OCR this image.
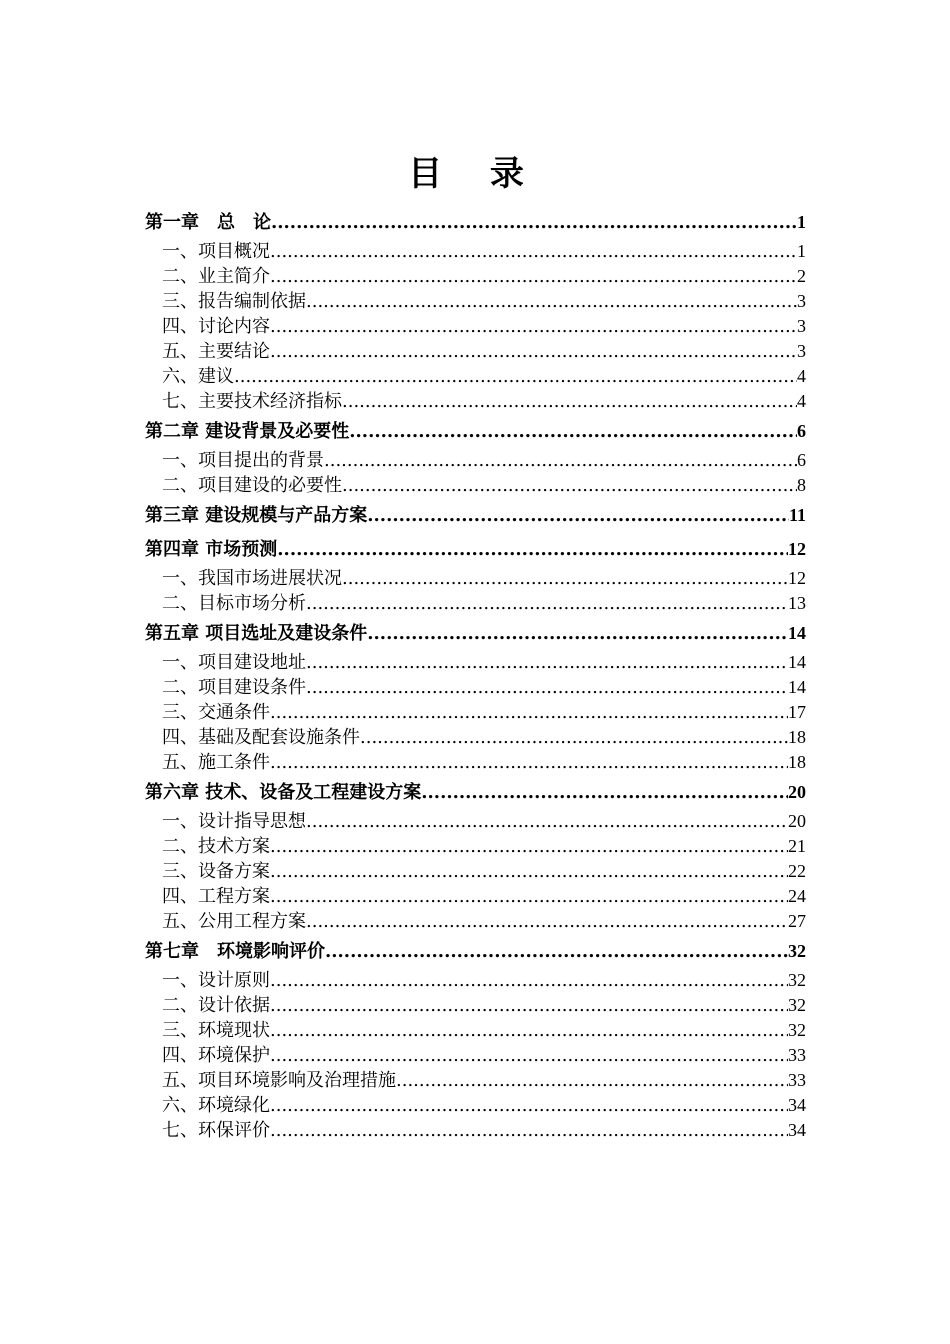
目 录
第一章　总　论 .....	1
一、项目概况 .....	1
二、业主简介 .....	2
三、报告编制依据 .....	3
四、讨论内容 .....	3
五、主要结论 .....	3
六、建议 .....	4
七、主要技术经济指标 .....	4
第二章 建设背景及必要性 .....	6
一、项目提出的背景 .....	6
二、项目建设的必要性 .....	8
第三章 建设规模与产品方案 .....	11
第四章 市场预测 .....	12
一、我国市场进展状况 .....	12
二、目标市场分析 .....	13
第五章 项目选址及建设条件 .....	14
一、项目建设地址 .....	14
二、项目建设条件 .....	14
三、交通条件 .....	17
四、基础及配套设施条件 .....	18
五、施工条件 .....	18
第六章 技术、设备及工程建设方案 .....	20
一、设计指导思想 .....	20
二、技术方案 .....	21
三、设备方案 .....	22
四、工程方案 .....	24
五、公用工程方案 .....	27
第七章　环境影响评价 .....	32
一、设计原则 .....	32
二、设计依据 .....	32
三、环境现状 .....	32
四、环境保护 .....	33
五、项目环境影响及治理措施 .....	33
六、环境绿化 .....	34
七、环保评价 .....	34
